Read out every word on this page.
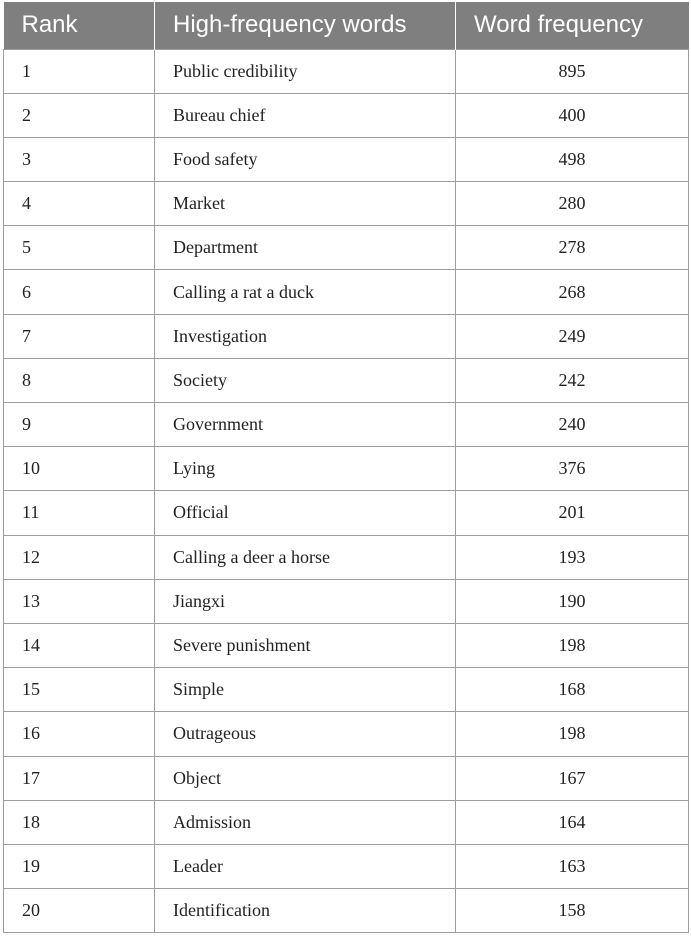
Rank	High-frequency words	Word frequency
1	Public credibility	895
2	Bureau chief	400
3	Food safety	498
4	Market	280
5	Department	278
6	Calling a rat a duck	268
7	Investigation	249
8	Society	242
9	Government	240
10	Lying	376
11	Official	201
12	Calling a deer a horse	193
13	Jiangxi	190
14	Severe punishment	198
15	Simple	168
16	Outrageous	198
17	Object	167
18	Admission	164
19	Leader	163
20	Identification	158
